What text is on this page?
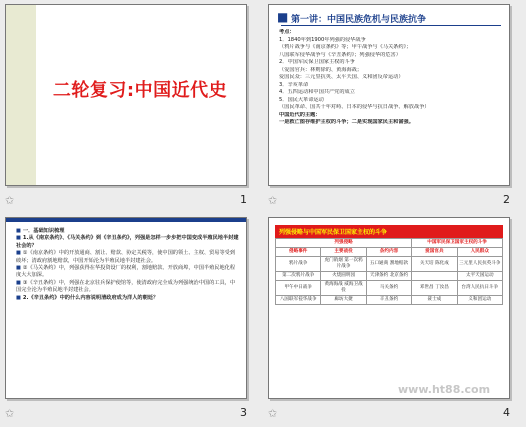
二轮复习:中国近代史
✩	1
■ 第一讲：中国民族危机与民族抗争
考点：
1．1840年到1900年列强的侵华战争
（鸦片战争与《南京条约》等；甲午战争与《马关条约》；
八国联军侵华战争与《辛丑条约》；列强侵华的危害）
2．中国军民保卫国家主权的斗争
（爱国官兵：林则徐的、黄海海战；
爱国民众：三元里抗英、太平天国、义和团反帝运动）
3．辛亥革命
4．五四运动和中国共产党的成立
5．国民大革命运动
（国民革命、国共十年对峙、日本的侵华与抗日战争、解放战争）
中国近代的主题：
一是救亡图存维护主权的斗争；二是实现国家民主和富强。
✩	2
■ 一．基础知识梳理
■ 1.从《南京条约》、《马关条约》到《辛丑条约》，列强是怎样一步步把中国变成半殖民地半封建社会的？
■ ①《南京条约》中的开放通商、割让、赔款、协定关税等，使中国的领土、主权、贸易等受到破坏；清政府割地赔款，中国开始沦为半殖民地半封建社会。
■ ②《马关条约》中，列强获得在华投资设厂的权利，割地赔款、开放商埠，中国半殖民地化程度大大加深。
■ ③《辛丑条约》中，列强在北京驻兵保护使馆等，使清政府完全成为列强统治中国的工具，中国完全沦为半殖民地半封建社会。
■ 2.《辛丑条约》中的什么内容说明清政府成为洋人的朝廷？
✩	3
列强侵略与中国军民保卫国家主权的斗争
列强侵略			中国军民保卫国家主权的斗争	
侵略事件	主要战役	条约内容	爱国官兵	人民群众
鸦片战争	虎门销烟 第一次鸦片战争	五口通商 割地赔款	关天培 陈化成	三元里人民抗英斗争
第二次鸦片战争	火烧圆明园	天津条约 北京条约		太平天国运动
甲午中日战争	黄海海战 威海卫战役	马关条约	邓世昌 丁汝昌	台湾人民抗日斗争
八国联军侵华战争	廊坊大捷	辛丑条约	聂士成	义和团运动
✩	4
www.ht88.com
